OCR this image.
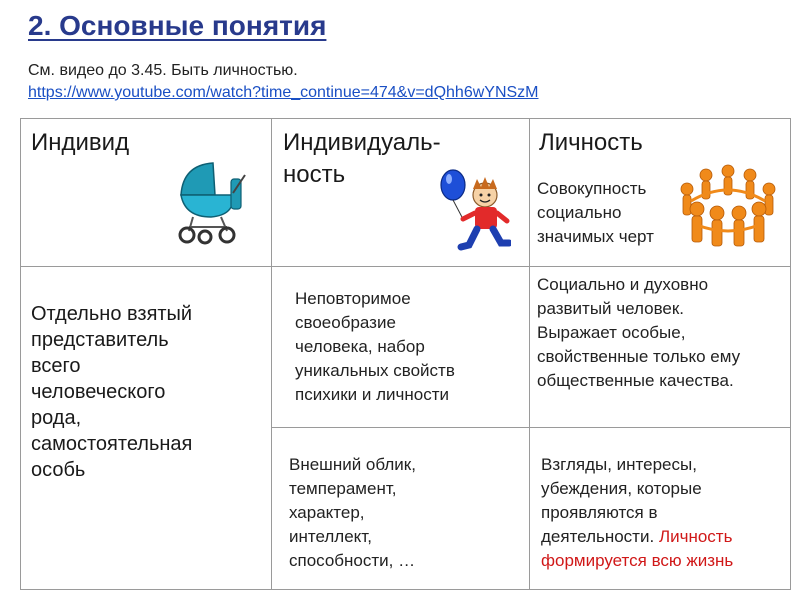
2. Основные понятия
См. видео до 3.45. Быть личностью.
https://www.youtube.com/watch?time_continue=474&v=dQhh6wYNSzM
Индивид	Индивидуаль-
ность
Личность
Совокупность
социально
значимых черт
Отдельно взятый
представитель
всего
человеческого
рода,
самостоятельная
особь
Неповторимое
своеобразие
человека, набор
уникальных свойств
психики и личности
Социально и духовно
развитый человек.
Выражает особые,
свойственные только ему
общественные качества.
Внешний облик,
темперамент,
характер,
интеллект,
способности, …
Взгляды, интересы,
убеждения, которые
проявляются в
деятельности. Личность
формируется всю жизнь
